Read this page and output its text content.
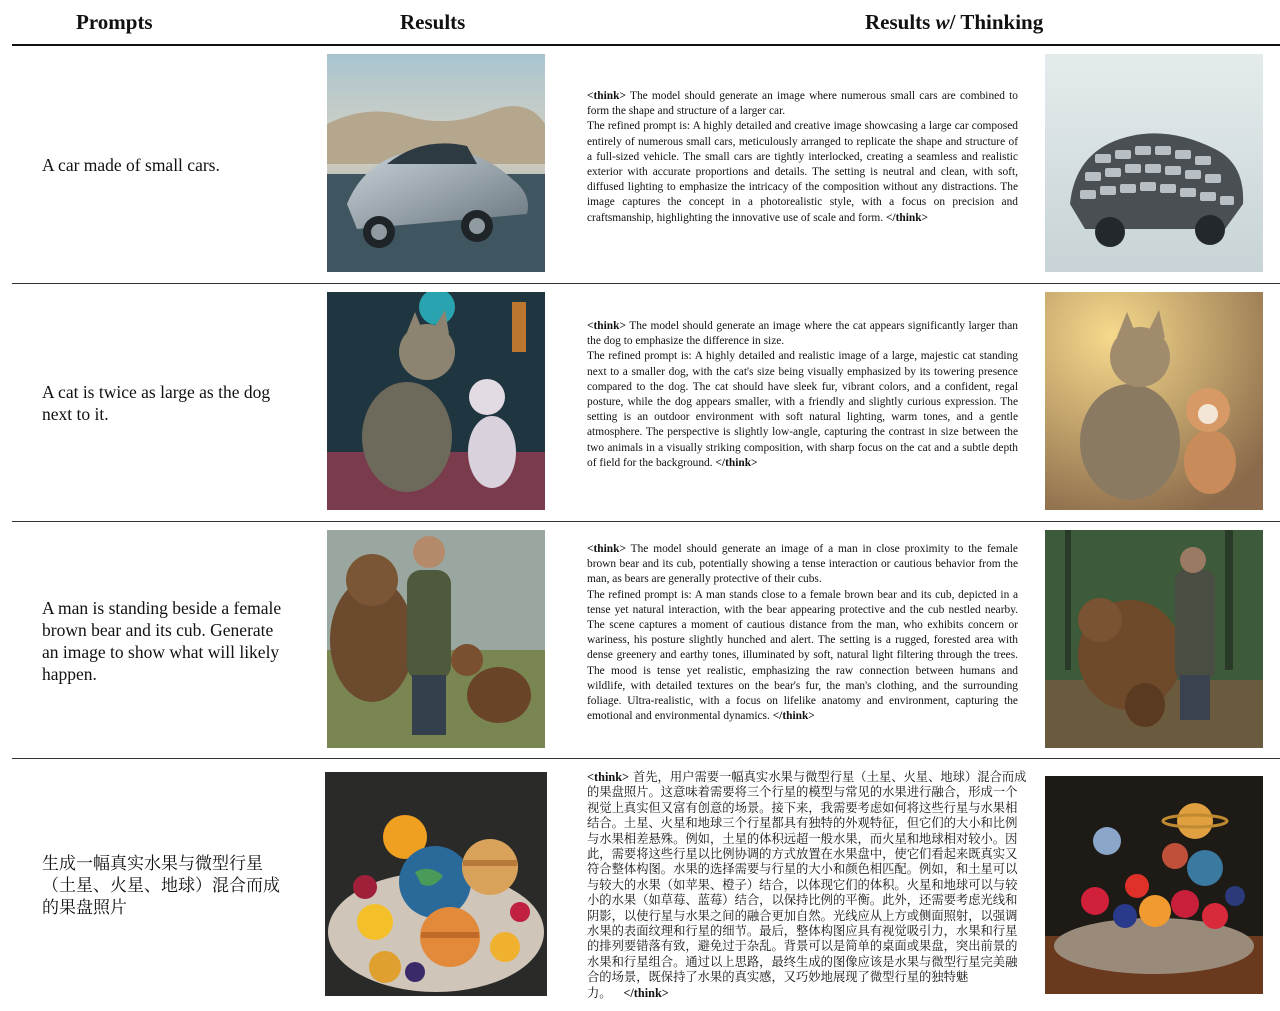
Prompts	Results	Results w/ Thinking
A car made of small cars.

<think> The model should generate an image where numerous small cars are combined to form the shape and structure of a larger car.

The refined prompt is: A highly detailed and creative image showcasing a large car composed entirely of numerous small cars, meticulously arranged to replicate the shape and structure of a full-sized vehicle. The small cars are tightly interlocked, creating a seamless and realistic exterior with accurate proportions and details. The setting is neutral and clean, with soft, diffused lighting to emphasize the intricacy of the composition without any distractions. The image captures the concept in a photorealistic style, with a focus on precision and craftsmanship, highlighting the innovative use of scale and form. </think>

A cat is twice as large as the dog next to it.

<think> The model should generate an image where the cat appears significantly larger than the dog to emphasize the difference in size.

The refined prompt is: A highly detailed and realistic image of a large, majestic cat standing next to a smaller dog, with the cat's size being visually emphasized by its towering presence compared to the dog. The cat should have sleek fur, vibrant colors, and a confident, regal posture, while the dog appears smaller, with a friendly and slightly curious expression. The setting is an outdoor environment with soft natural lighting, warm tones, and a gentle atmosphere. The perspective is slightly low-angle, capturing the contrast in size between the two animals in a visually striking composition, with sharp focus on the cat and a subtle depth of field for the background. </think>

A man is standing beside a female brown bear and its cub. Generate an image to show what will likely happen.

<think> The model should generate an image of a man in close proximity to the female brown bear and its cub, potentially showing a tense interaction or cautious behavior from the man, as bears are generally protective of their cubs.

The refined prompt is: A man stands close to a female brown bear and its cub, depicted in a tense yet natural interaction, with the bear appearing protective and the cub nestled nearby. The scene captures a moment of cautious distance from the man, who exhibits concern or wariness, his posture slightly hunched and alert. The setting is a rugged, forested area with dense greenery and earthy tones, illuminated by soft, natural light filtering through the trees. The mood is tense yet realistic, emphasizing the raw connection between humans and wildlife, with detailed textures on the bear's fur, the man's clothing, and the surrounding foliage. Ultra-realistic, with a focus on lifelike anatomy and environment, capturing the emotional and environmental dynamics. </think>

生成一幅真实水果与微型行星（土星、火星、地球）混合而成的果盘照片

<think> 首先，用户需要一幅真实水果与微型行星（土星、火星、地球）混合而成的果盘照片。这意味着需要将三个行星的模型与常见的水果进行融合，形成一个视觉上真实但又富有创意的场景。接下来，我需要考虑如何将这些行星与水果相结合。土星、火星和地球三个行星都具有独特的外观特征，但它们的大小和比例与水果相差悬殊。例如，土星的体积远超一般水果，而火星和地球相对较小。因此，需要将这些行星以比例协调的方式放置在水果盘中，使它们看起来既真实又符合整体构图。水果的选择需要与行星的大小和颜色相匹配。例如，和土星可以与较大的水果（如苹果、橙子）结合，以体现它们的体积。火星和地球可以与较小的水果（如草莓、蓝莓）结合，以保持比例的平衡。此外，还需要考虑光线和阴影，以使行星与水果之间的融合更加自然。光线应从上方或侧面照射，以强调水果的表面纹理和行星的细节。最后，整体构图应具有视觉吸引力，水果和行星的排列要错落有致，避免过于杂乱。背景可以是简单的桌面或果盘，突出前景的水果和行星组合。通过以上思路，最终生成的图像应该是水果与微型行星完美融合的场景，既保持了水果的真实感，又巧妙地展现了微型行星的独特魅力。 </think>
